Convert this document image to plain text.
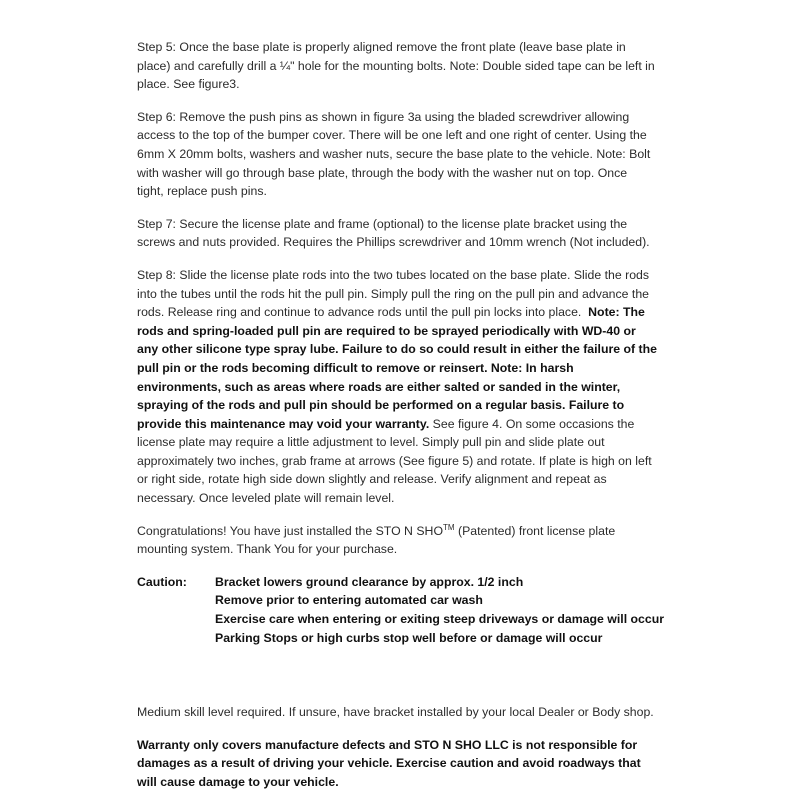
Step 5: Once the base plate is properly aligned remove the front plate (leave base plate in place) and carefully drill a ¼" hole for the mounting bolts. Note: Double sided tape can be left in place. See figure3.

Step 6: Remove the push pins as shown in figure 3a using the bladed screwdriver allowing access to the top of the bumper cover. There will be one left and one right of center. Using the 6mm X 20mm bolts, washers and washer nuts, secure the base plate to the vehicle. Note: Bolt with washer will go through base plate, through the body with the washer nut on top. Once tight, replace push pins.

Step 7: Secure the license plate and frame (optional) to the license plate bracket using the screws and nuts provided. Requires the Phillips screwdriver and 10mm wrench (Not included).

Step 8: Slide the license plate rods into the two tubes located on the base plate. Slide the rods into the tubes until the rods hit the pull pin. Simply pull the ring on the pull pin and advance the rods. Release ring and continue to advance rods until the pull pin locks into place. Note: The rods and spring-loaded pull pin are required to be sprayed periodically with WD-40 or any other silicone type spray lube. Failure to do so could result in either the failure of the pull pin or the rods becoming difficult to remove or reinsert. Note: In harsh environments, such as areas where roads are either salted or sanded in the winter, spraying of the rods and pull pin should be performed on a regular basis. Failure to provide this maintenance may void your warranty. See figure 4. On some occasions the license plate may require a little adjustment to level. Simply pull pin and slide plate out approximately two inches, grab frame at arrows (See figure 5) and rotate. If plate is high on left or right side, rotate high side down slightly and release. Verify alignment and repeat as necessary. Once leveled plate will remain level.

Congratulations! You have just installed the STO N SHO™ (Patented) front license plate mounting system. Thank You for your purchase.

Caution:	Bracket lowers ground clearance by approx. 1/2 inch
Remove prior to entering automated car wash
Exercise care when entering or exiting steep driveways or damage will occur
Parking Stops or high curbs stop well before or damage will occur

Medium skill level required. If unsure, have bracket installed by your local Dealer or Body shop.

Warranty only covers manufacture defects and STO N SHO LLC is not responsible for damages as a result of driving your vehicle. Exercise caution and avoid roadways that will cause damage to your vehicle.
